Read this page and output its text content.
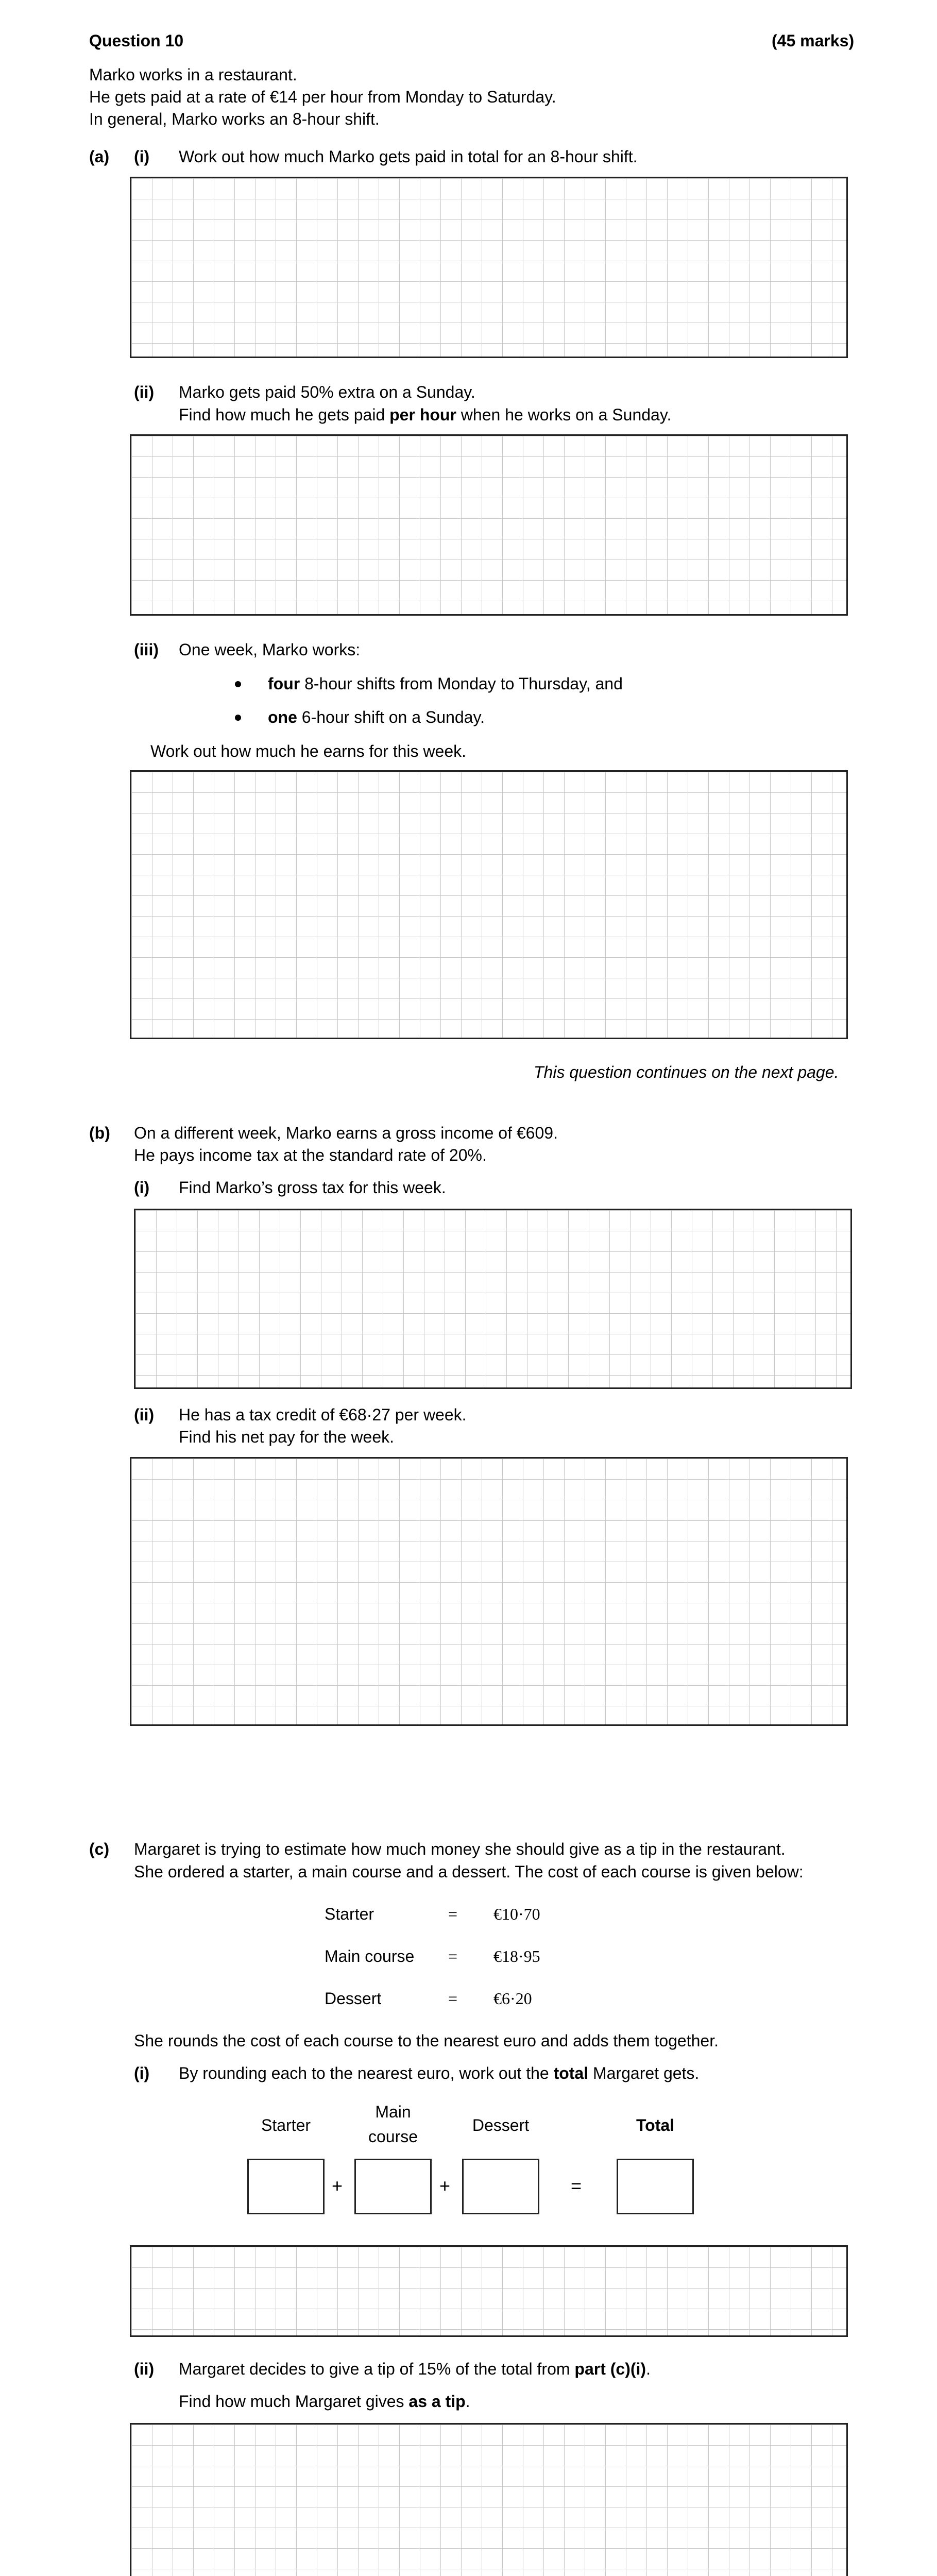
Question 10	(45 marks)
Marko works in a restaurant.
He gets paid at a rate of €14 per hour from Monday to Saturday.
In general, Marko works an 8-hour shift.
(a) (i) Work out how much Marko gets paid in total for an 8-hour shift.
(ii) Marko gets paid 50% extra on a Sunday.
Find how much he gets paid per hour when he works on a Sunday.
(iii) One week, Marko works:
four 8-hour shifts from Monday to Thursday, and
one 6-hour shift on a Sunday.
Work out how much he earns for this week.
This question continues on the next page.
(b) On a different week, Marko earns a gross income of €609.
He pays income tax at the standard rate of 20%.
(i) Find Marko’s gross tax for this week.
(ii) He has a tax credit of €68·27 per week.
Find his net pay for the week.
(c) Margaret is trying to estimate how much money she should give as a tip in the restaurant.
She ordered a starter, a main course and a dessert. The cost of each course is given below:
Starter	= €10·70
Main course = €18·95
Dessert	= €6·20
She rounds the cost of each course to the nearest euro and adds them together.
(i) By rounding each to the nearest euro, work out the total Margaret gets.
Starter
Main
course
Dessert	Total
+	+	=
(ii) Margaret decides to give a tip of 15% of the total from part (c)(i).
Find how much Margaret gives as a tip.
